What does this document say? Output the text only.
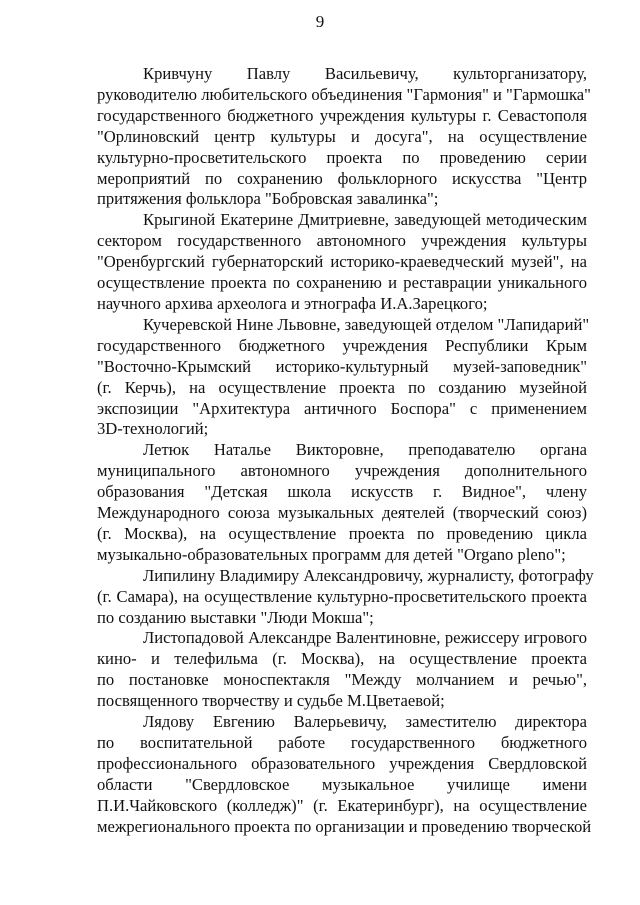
9
Кривчуну Павлу Васильевичу, культорганизатору,
руководителю любительского объединения "Гармония" и "Гармошка"
государственного бюджетного учреждения культуры г. Севастополя
"Орлиновский центр культуры и досуга", на осуществление
культурно-просветительского проекта по проведению серии
мероприятий по сохранению фольклорного искусства "Центр
притяжения фольклора "Бобровская завалинка";
Крыгиной Екатерине Дмитриевне, заведующей методическим
сектором государственного автономного учреждения культуры
"Оренбургский губернаторский историко-краеведческий музей", на
осуществление проекта по сохранению и реставрации уникального
научного архива археолога и этнографа И.А.Зарецкого;
Кучеревской Нине Львовне, заведующей отделом "Лапидарий"
государственного бюджетного учреждения Республики Крым
"Восточно-Крымский историко-культурный музей-заповедник"
(г. Керчь), на осуществление проекта по созданию музейной
экспозиции "Архитектура античного Боспора" с применением
3D-технологий;
Летюк Наталье Викторовне, преподавателю органа
муниципального автономного учреждения дополнительного
образования "Детская школа искусств г. Видное", члену
Международного союза музыкальных деятелей (творческий союз)
(г. Москва), на осуществление проекта по проведению цикла
музыкально-образовательных программ для детей "Organo pleno";
Липилину Владимиру Александровичу, журналисту, фотографу
(г. Самара), на осуществление культурно-просветительского проекта
по созданию выставки "Люди Мокша";
Листопадовой Александре Валентиновне, режиссеру игрового
кино- и телефильма (г. Москва), на осуществление проекта
по постановке моноспектакля "Между молчанием и речью",
посвященного творчеству и судьбе М.Цветаевой;
Лядову Евгению Валерьевичу, заместителю директора
по воспитательной работе государственного бюджетного
профессионального образовательного учреждения Свердловской
области "Свердловское музыкальное училище имени
П.И.Чайковского (колледж)" (г. Екатеринбург), на осуществление
межрегионального проекта по организации и проведению творческой
